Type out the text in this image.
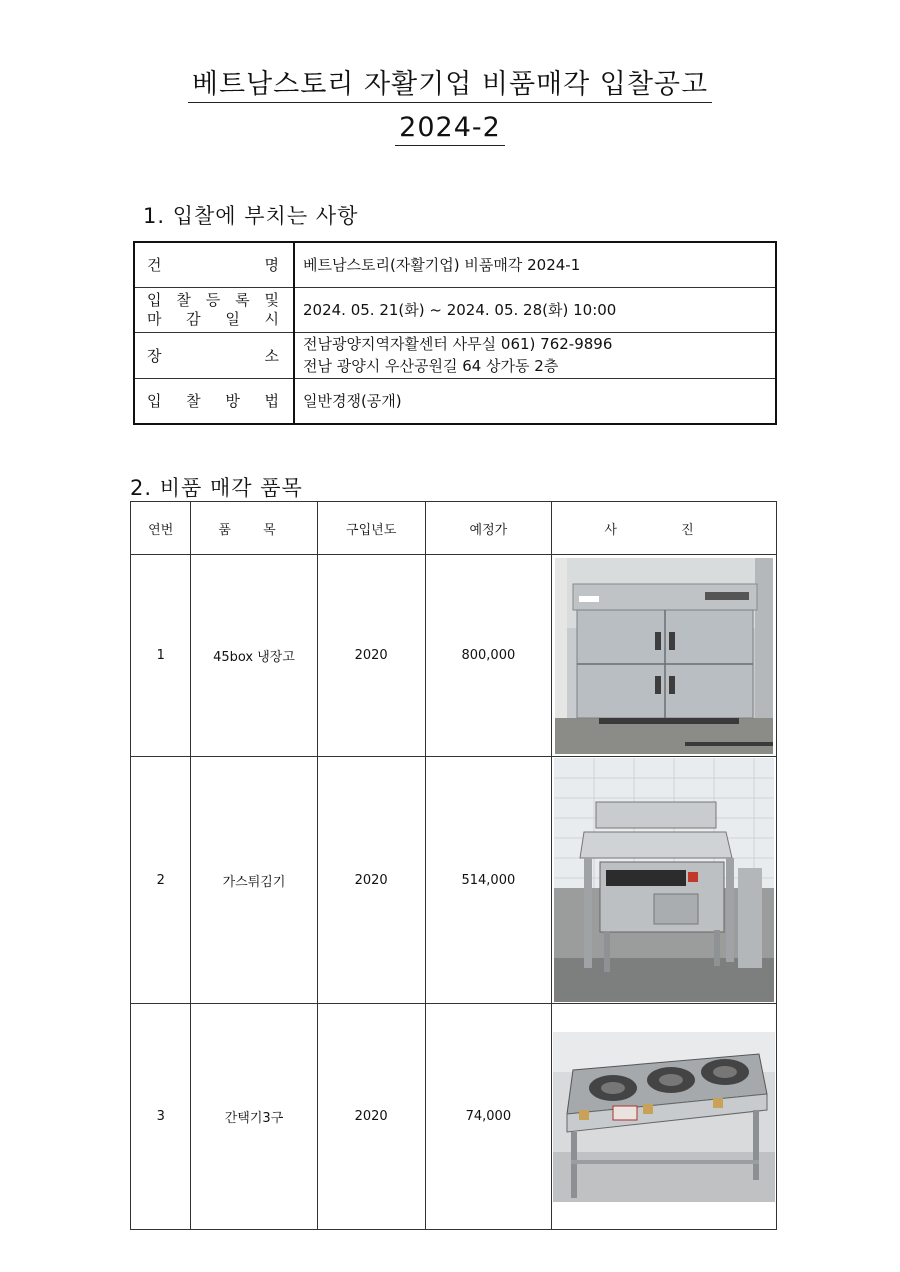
베트남스토리 자활기업 비품매각 입찰공고
2024-2
1. 입찰에 부치는 사항
건 명	베트남스토리(자활기업) 비품매각 2024-1

입 찰 등 록 및
마 감 일 시	2024. 05. 21(화) ~ 2024. 05. 28(화) 10:00
장 소	전남광양지역자활센터 사무실 061) 762-9896
전남 광양시 우산공원길 64 상가동 2층

입 찰 방 법	일반경쟁(공개)
2. 비품 매각 품목
연번	품 목	구입년도	예정가	사 진
1	45box 냉장고	2020	800,000	

2	가스튀김기	2020	514,000	

3	간택기3구	2020	74,000	
